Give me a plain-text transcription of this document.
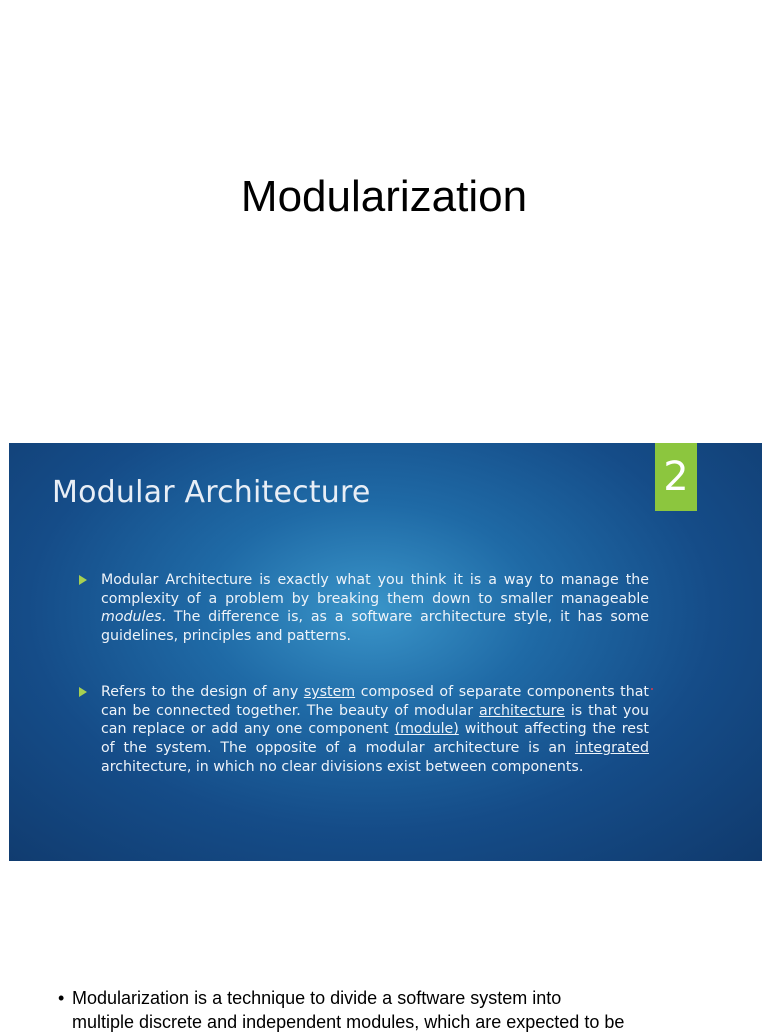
Modularization
Modular Architecture	2
Modular Architecture is exactly what you think it is a way to manage the complexity of a problem by breaking them down to smaller manageable modules. The difference is, as a software architecture style, it has some guidelines, principles and patterns.
Refers to the design of any system composed of separate components that can be connected together. The beauty of modular architecture is that you can replace or add any one component (module) without affecting the rest of the system. The opposite of a modular architecture is an integrated architecture, in which no clear divisions exist between components.
• Modularization is a technique to divide a software system into
multiple discrete and independent modules, which are expected to be
